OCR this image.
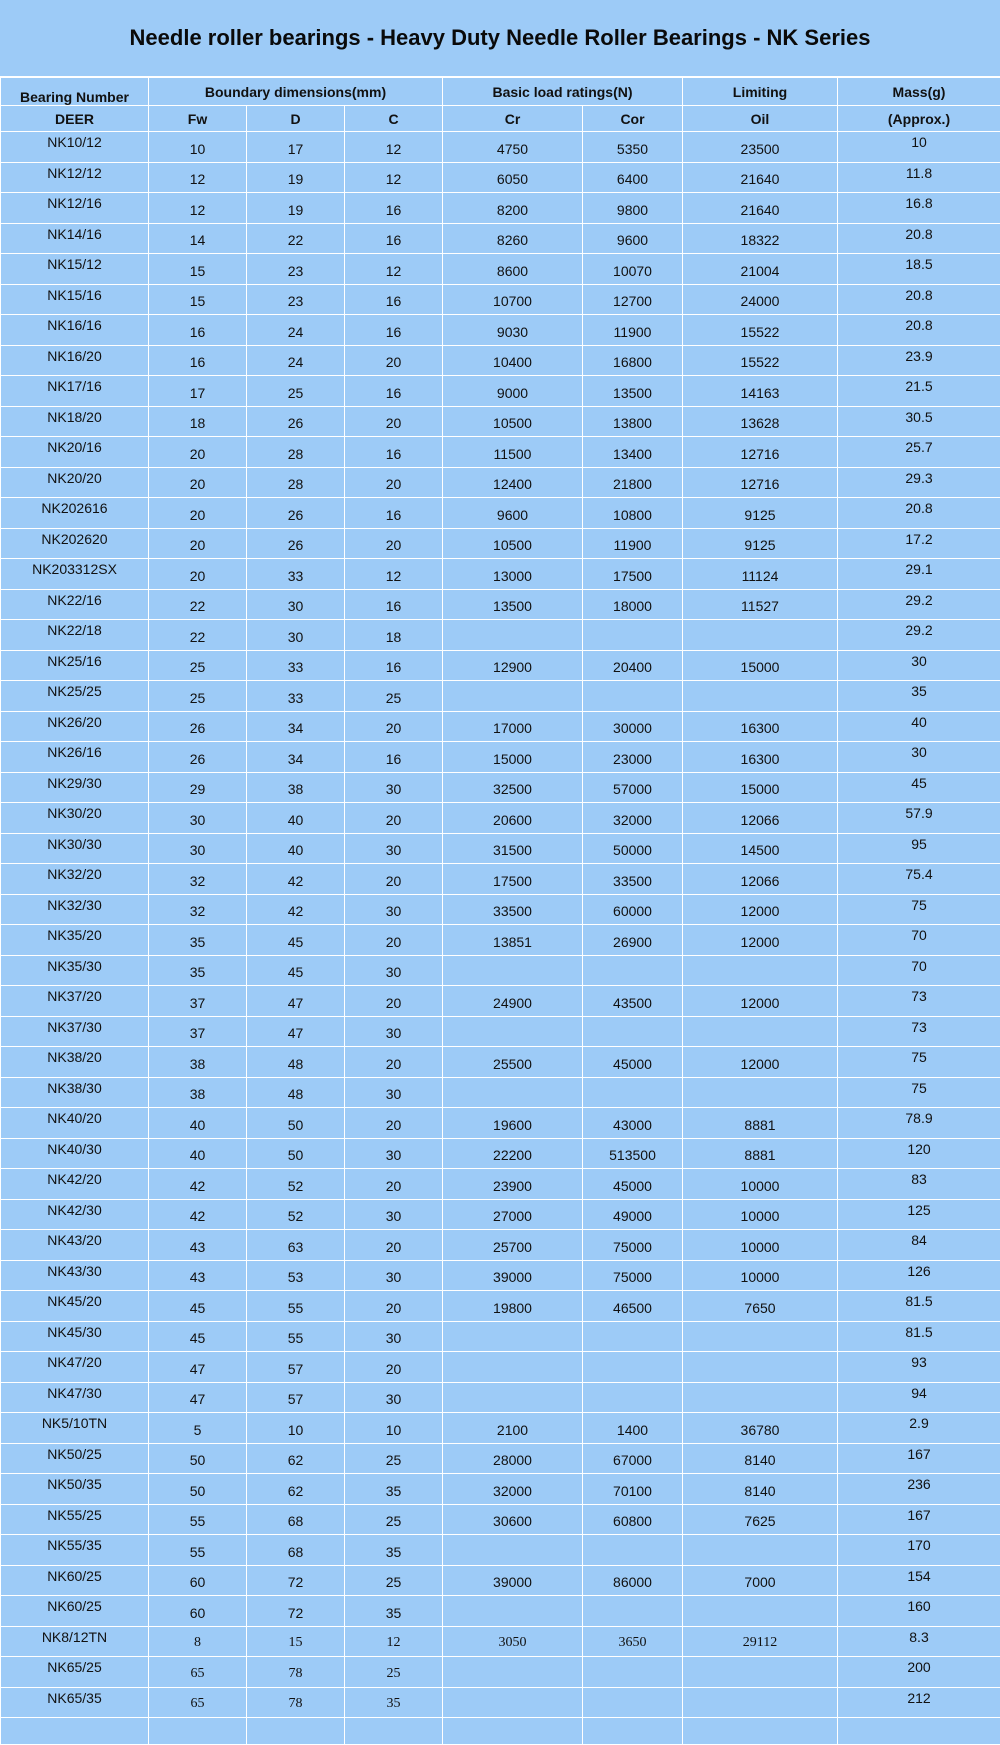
Needle roller bearings - Heavy Duty Needle Roller Bearings - NK Series
Bearing Number	Boundary dimensions(mm)			Basic load ratings(N)		Limiting	Mass(g)
DEER	Fw	D	C	Cr	Cor	Oil	(Approx.)
NK10/12	10	17	12	4750	5350	23500	10
NK12/12	12	19	12	6050	6400	21640	11.8
NK12/16	12	19	16	8200	9800	21640	16.8
NK14/16	14	22	16	8260	9600	18322	20.8
NK15/12	15	23	12	8600	10070	21004	18.5
NK15/16	15	23	16	10700	12700	24000	20.8
NK16/16	16	24	16	9030	11900	15522	20.8
NK16/20	16	24	20	10400	16800	15522	23.9
NK17/16	17	25	16	9000	13500	14163	21.5
NK18/20	18	26	20	10500	13800	13628	30.5
NK20/16	20	28	16	11500	13400	12716	25.7
NK20/20	20	28	20	12400	21800	12716	29.3
NK202616	20	26	16	9600	10800	9125	20.8
NK202620	20	26	20	10500	11900	9125	17.2
NK203312SX	20	33	12	13000	17500	11124	29.1
NK22/16	22	30	16	13500	18000	11527	29.2
NK22/18	22	30	18				29.2
NK25/16	25	33	16	12900	20400	15000	30
NK25/25	25	33	25				35
NK26/20	26	34	20	17000	30000	16300	40
NK26/16	26	34	16	15000	23000	16300	30
NK29/30	29	38	30	32500	57000	15000	45
NK30/20	30	40	20	20600	32000	12066	57.9
NK30/30	30	40	30	31500	50000	14500	95
NK32/20	32	42	20	17500	33500	12066	75.4
NK32/30	32	42	30	33500	60000	12000	75
NK35/20	35	45	20	13851	26900	12000	70
NK35/30	35	45	30				70
NK37/20	37	47	20	24900	43500	12000	73
NK37/30	37	47	30				73
NK38/20	38	48	20	25500	45000	12000	75
NK38/30	38	48	30				75
NK40/20	40	50	20	19600	43000	8881	78.9
NK40/30	40	50	30	22200	513500	8881	120
NK42/20	42	52	20	23900	45000	10000	83
NK42/30	42	52	30	27000	49000	10000	125
NK43/20	43	63	20	25700	75000	10000	84
NK43/30	43	53	30	39000	75000	10000	126
NK45/20	45	55	20	19800	46500	7650	81.5
NK45/30	45	55	30				81.5
NK47/20	47	57	20				93
NK47/30	47	57	30				94
NK5/10TN	5	10	10	2100	1400	36780	2.9
NK50/25	50	62	25	28000	67000	8140	167
NK50/35	50	62	35	32000	70100	8140	236
NK55/25	55	68	25	30600	60800	7625	167
NK55/35	55	68	35				170
NK60/25	60	72	25	39000	86000	7000	154
NK60/25	60	72	35				160
NK8/12TN	8	15	12	3050	3650	29112	8.3
NK65/25	65	78	25				200
NK65/35	65	78	35				212
